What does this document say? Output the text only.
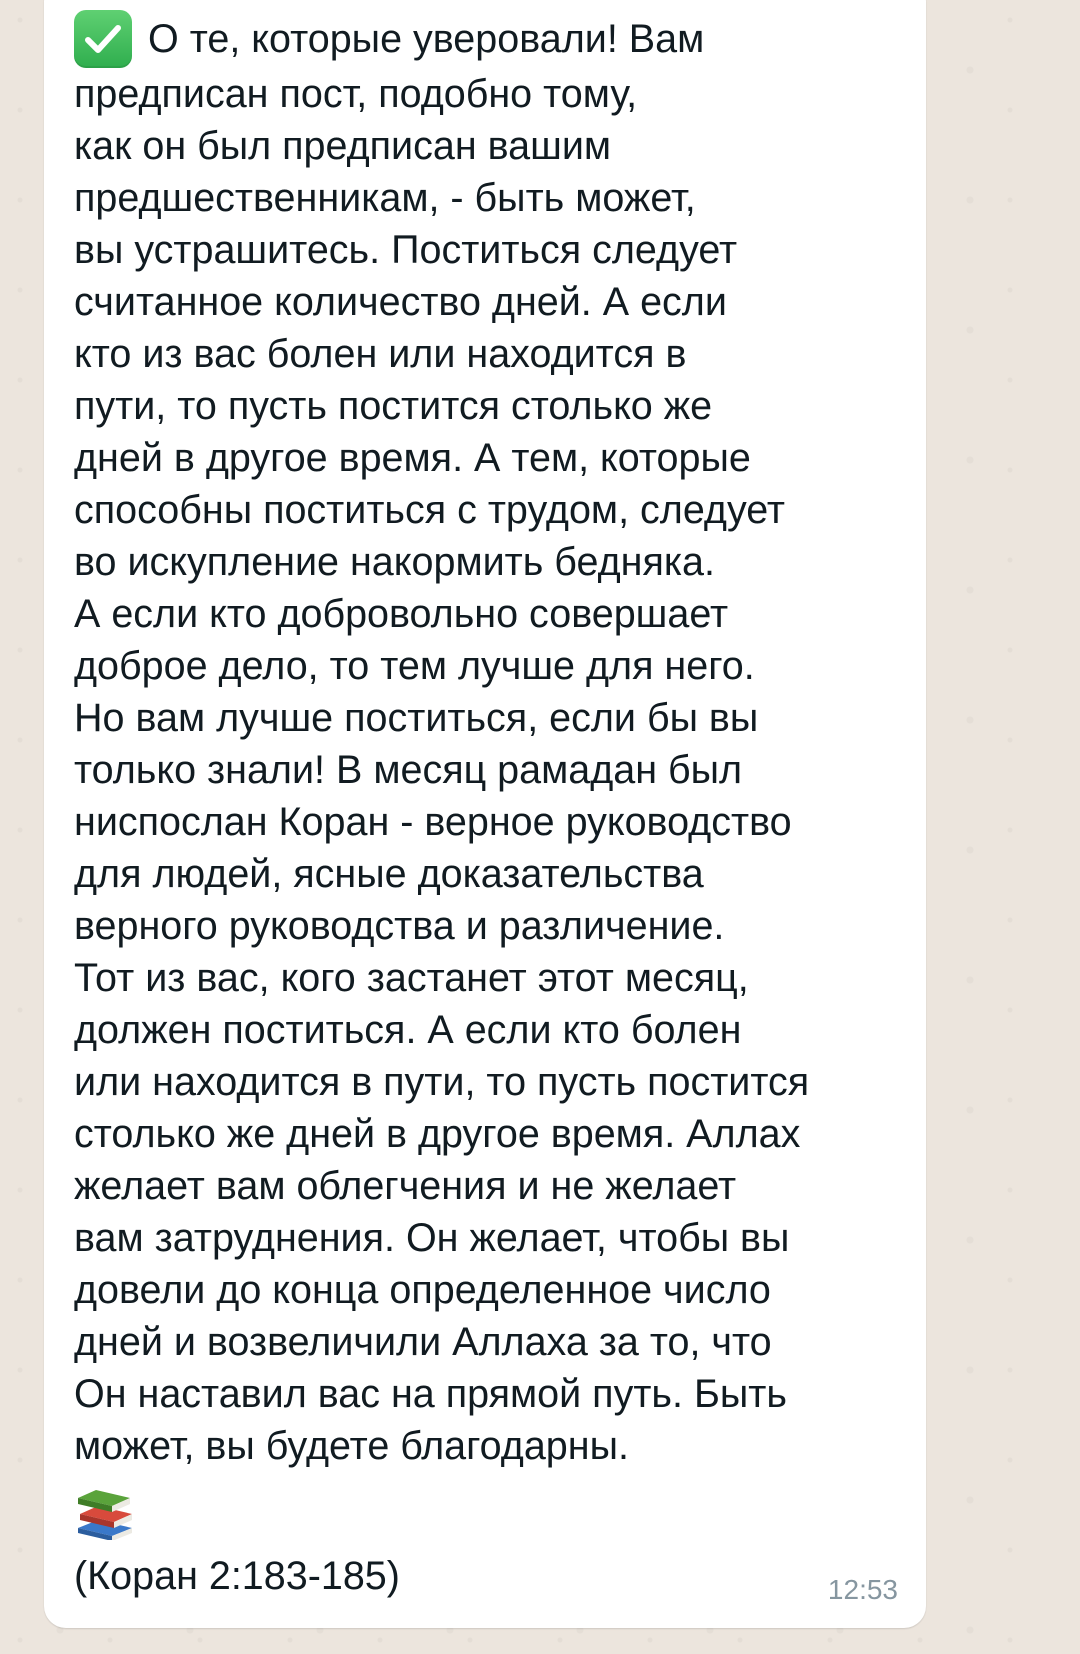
О те, которые уверовали! Вам
предписан пост, подобно тому,
как он был предписан вашим
предшественникам, - быть может,
вы устрашитесь. Поститься следует
считанное количество дней. А если
кто из вас болен или находится в
пути, то пусть постится столько же
дней в другое время. А тем, которые
способны поститься с трудом, следует
во искупление накормить бедняка.
А если кто добровольно совершает
доброе дело, то тем лучше для него.
Но вам лучше поститься, если бы вы
только знали! В месяц рамадан был
ниспослан Коран - верное руководство
для людей, ясные доказательства
верного руководства и различение.
Тот из вас, кого застанет этот месяц,
должен поститься. А если кто болен
или находится в пути, то пусть постится
столько же дней в другое время. Аллах
желает вам облегчения и не желает
вам затруднения. Он желает, чтобы вы
довели до конца определенное число
дней и возвеличили Аллаха за то, что
Он наставил вас на прямой путь. Быть
может, вы будете благодарны.
(Коран 2:183-185)	12:53
